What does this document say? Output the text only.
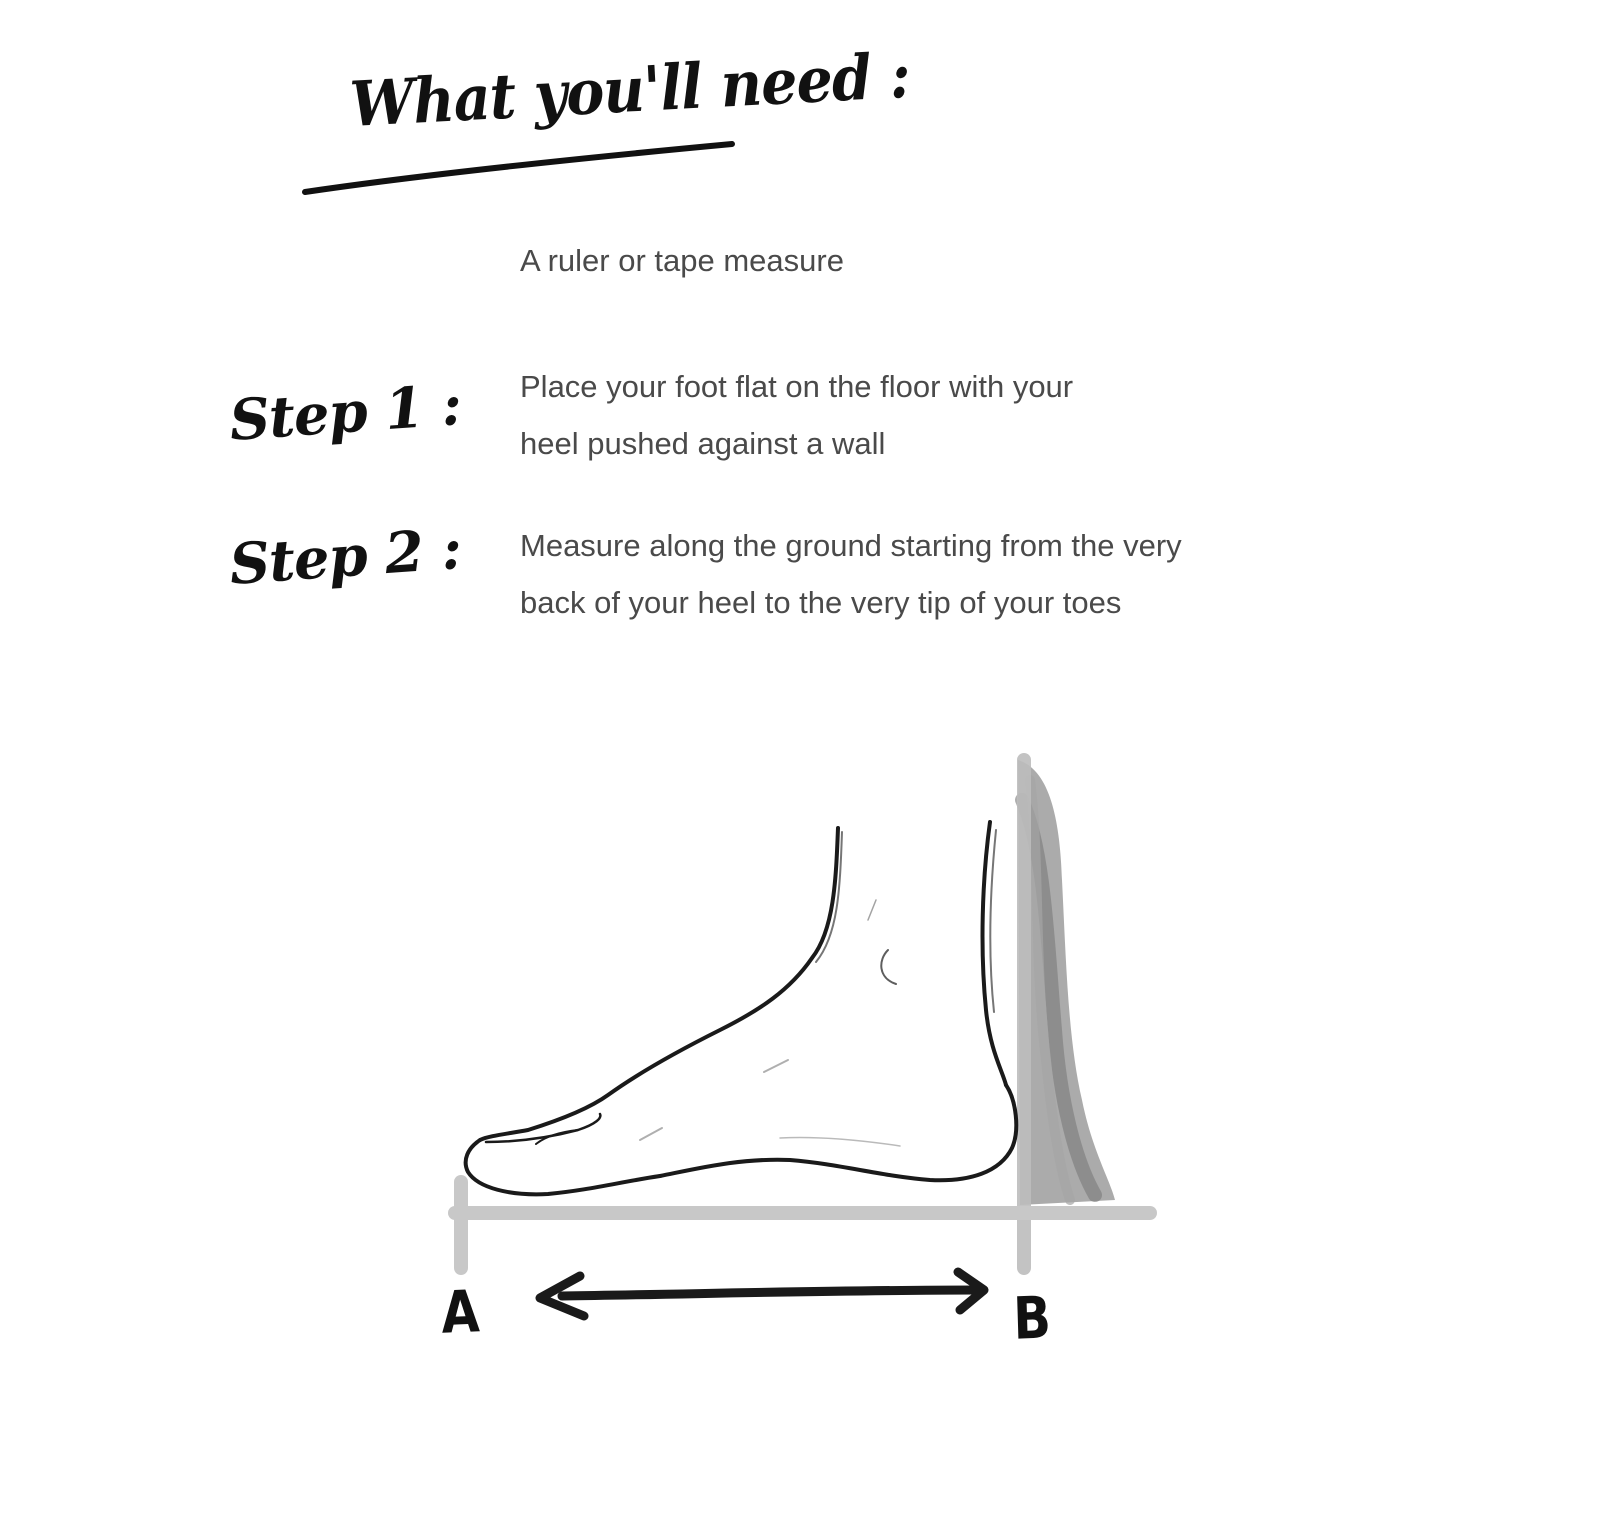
What you'll need :
A ruler or tape measure
Step 1 : Place your foot flat on the floor with your
heel pushed against a wall
Step 2 : Measure along the ground starting from the very
back of your heel to the very tip of your toes
A	B
